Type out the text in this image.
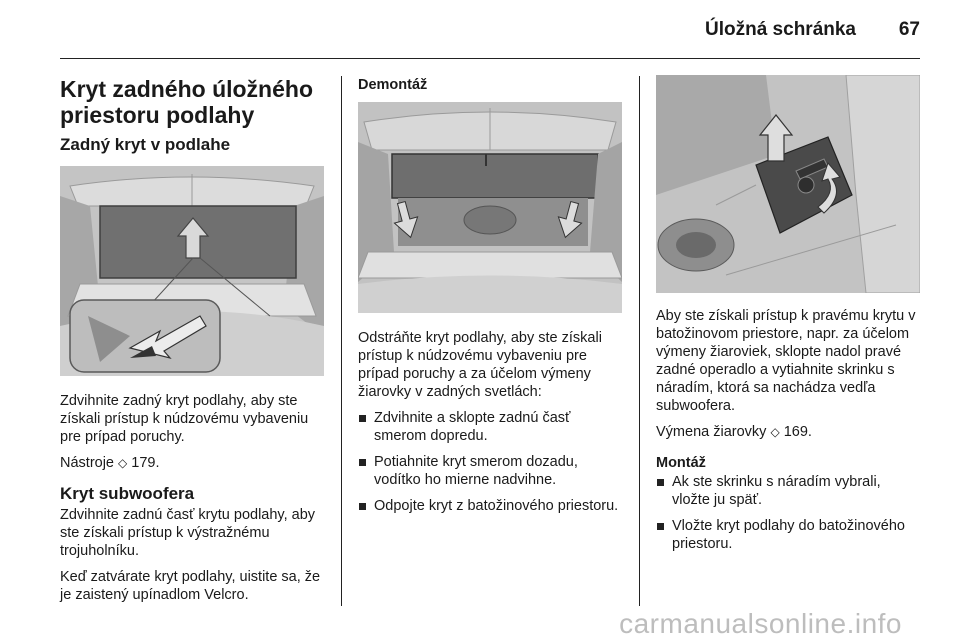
Úložná schránka 67
Kryt zadného úložného priestoru podlahy
Zadný kryt v podlahe

Zdvihnite zadný kryt podlahy, aby ste získali prístup k núdzovému vybaveniu pre prípad poruchy.

Nástroje ◇ 179.

Kryt subwoofera

Zdvihnite zadnú časť krytu podlahy, aby ste získali prístup k výstražnému trojuholníku.

Keď zatvárate kryt podlahy, uistite sa, že je zaistený upínadlom Velcro.

Demontáž

Odstráňte kryt podlahy, aby ste získali prístup k núdzovému vybaveniu pre prípad poruchy a za účelom výmeny žiarovky v zadných svetlách:

Zdvihnite a sklopte zadnú časť smerom dopredu.
Potiahnite kryt smerom dozadu, vodítko ho mierne nadvihne.
Odpojte kryt z batožinového priestoru.

Aby ste získali prístup k pravému krytu v batožinovom priestore, napr. za účelom výmeny žiaroviek, sklopte nadol pravé zadné operadlo a vytiahnite skrinku s náradím, ktorá sa nachádza vedľa subwoofera.

Výmena žiarovky ◇ 169.

Montáž
Ak ste skrinku s náradím vybrali, vložte ju späť.
Vložte kryt podlahy do batožinového priestoru.
carmanualsonline.info
